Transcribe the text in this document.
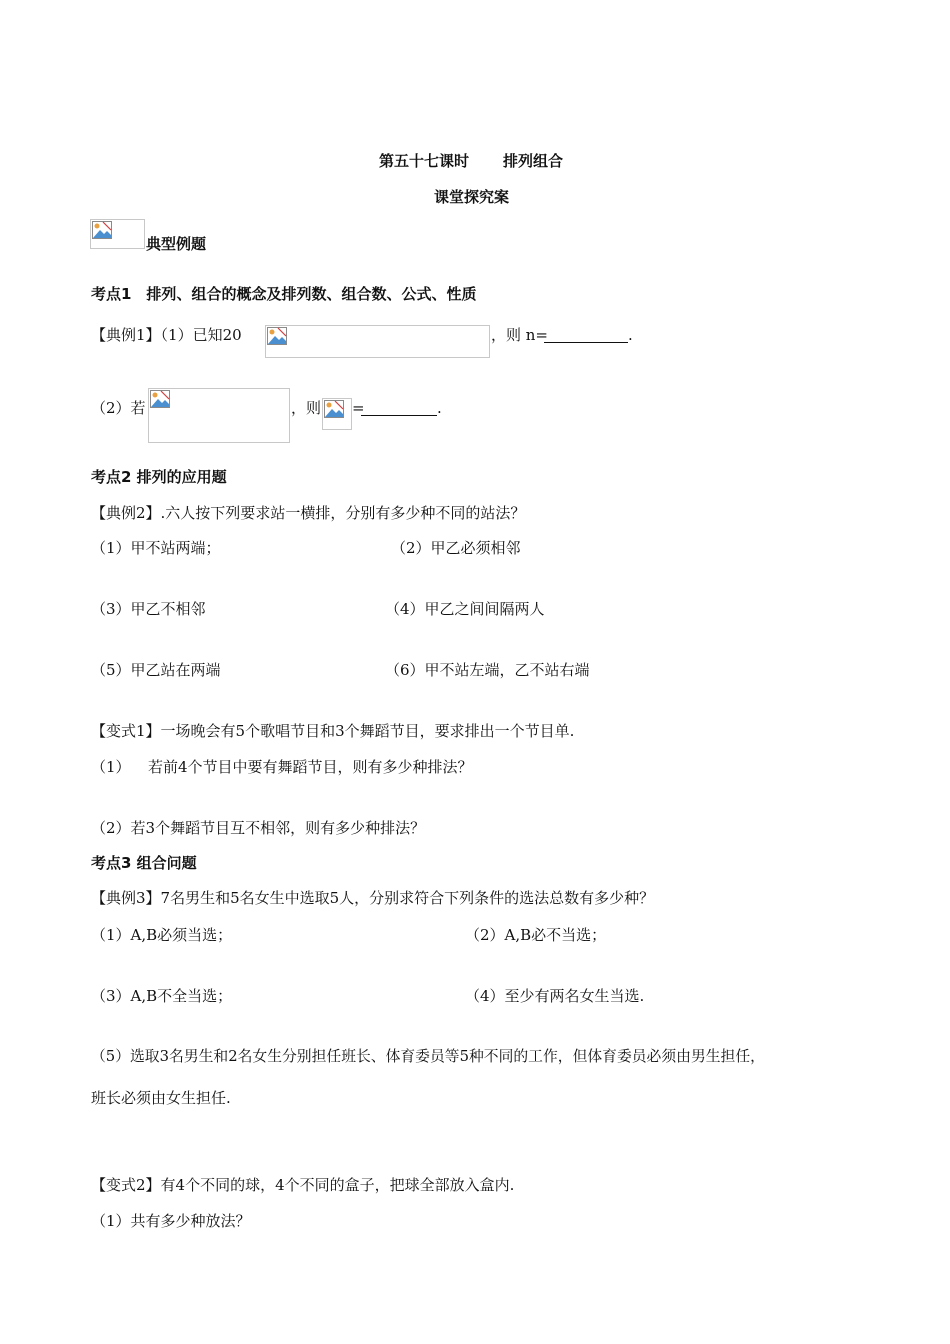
第五十七课时 排列组合
课堂探究案
典型例题
考点1　排列、组合的概念及排列数、组合数、公式、性质
【典例1】（1）已知20	，则 n=	.
（2）若	，则 =	.
考点2 排列的应用题
【典例2】.六人按下列要求站一横排，分别有多少种不同的站法？
（1）甲不站两端；	（2）甲乙必须相邻
（3）甲乙不相邻	（4）甲乙之间间隔两人
（5）甲乙站在两端	（6）甲不站左端，乙不站右端
【变式1】一场晚会有5个歌唱节目和3个舞蹈节目，要求排出一个节目单.
（1） 若前4个节目中要有舞蹈节目，则有多少种排法？
（2）若3个舞蹈节目互不相邻，则有多少种排法？
考点3 组合问题
【典例3】7名男生和5名女生中选取5人，分别求符合下列条件的选法总数有多少种？
（1）A,B必须当选；	（2）A,B必不当选；
（3）A,B不全当选；	（4）至少有两名女生当选.
（5）选取3名男生和2名女生分别担任班长、体育委员等5种不同的工作，但体育委员必须由男生担任，
班长必须由女生担任.
【变式2】有4个不同的球，4个不同的盒子，把球全部放入盒内.
（1）共有多少种放法？
